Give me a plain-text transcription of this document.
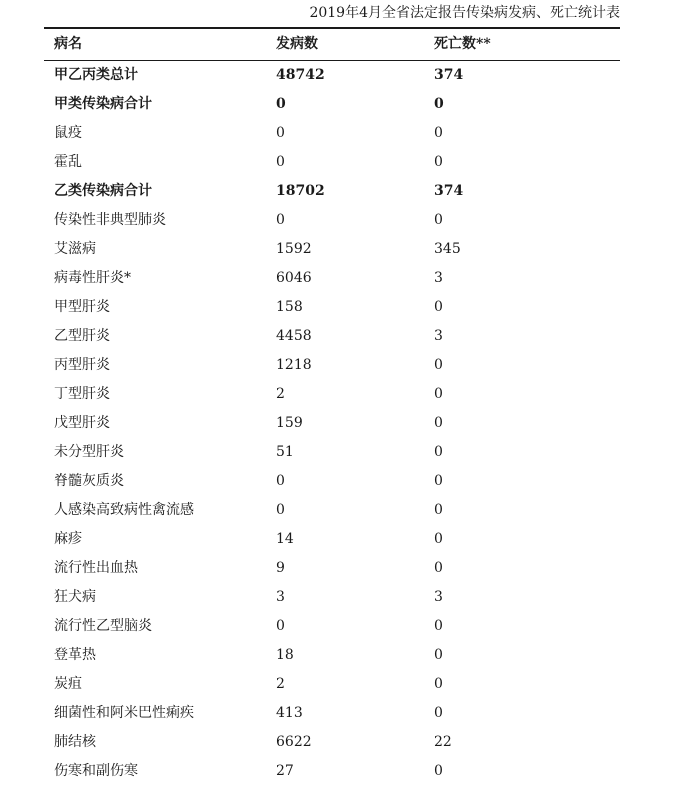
2019年4月全省法定报告传染病发病、死亡统计表
病名	发病数	死亡数**
甲乙丙类总计	48742	374
甲类传染病合计	0	0
鼠疫	0	0
霍乱	0	0
乙类传染病合计	18702	374
传染性非典型肺炎	0	0
艾滋病	1592	345
病毒性肝炎*	6046	3
甲型肝炎	158	0
乙型肝炎	4458	3
丙型肝炎	1218	0
丁型肝炎	2	0
戊型肝炎	159	0
未分型肝炎	51	0
脊髓灰质炎	0	0
人感染高致病性禽流感	0	0
麻疹	14	0
流行性出血热	9	0
狂犬病	3	3
流行性乙型脑炎	0	0
登革热	18	0
炭疽	2	0
细菌性和阿米巴性痢疾	413	0
肺结核	6622	22
伤寒和副伤寒	27	0
